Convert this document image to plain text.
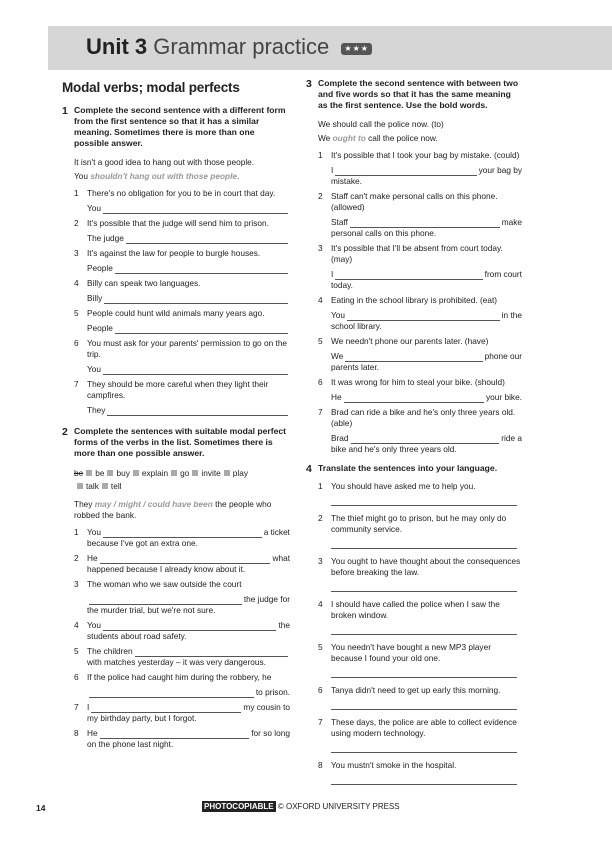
Unit 3 Grammar practice ★★★
Modal verbs; modal perfects
1 Complete the second sentence with a different form from the first sentence so that it has a similar meaning. Sometimes there is more than one possible answer.
It isn't a good idea to hang out with those people.
You shouldn't hang out with those people.
1	There's no obligation for you to be in court that day.
You
2	It's possible that the judge will send him to prison.
The judge
3	It's against the law for people to burgle houses.
People
4	Billy can speak two languages.
Billy
5	People could hunt wild animals many years ago.
People
6	You must ask for your parents' permission to go on the trip.
You
7	They should be more careful when they light their campfires.
They
2 Complete the sentences with suitable modal perfect forms of the verbs in the list. Sometimes there is more than one possible answer.
be be buy explain go invite playtalk tell
They may / might / could have been the people who robbed the bank.
1	You	a ticket
because I've got an extra one.
2	He	what
happened because I already know about it.
3	The woman who we saw outside the court
the judge for
the murder trial, but we're not sure.
4	You	the
students about road safety.
5	The children
with matches yesterday – it was very dangerous.
6	If the police had caught him during the robbery, he
to prison.
7	I	my cousin to
my birthday party, but I forgot.
8	He	for so long
on the phone last night.
3 Complete the second sentence with between two and five words so that it has the same meaning as the first sentence. Use the bold words.
We should call the police now. (to)
We ought to call the police now.
1	It's possible that I took your bag by mistake. (could)
I	your bag by
mistake.
2	Staff can't make personal calls on this phone. (allowed)
Staff	make
personal calls on this phone.
3	It's possible that I'll be absent from court today. (may)
I	from court
today.
4	Eating in the school library is prohibited. (eat)
You	in the
school library.
5	We needn't phone our parents later. (have)
We	phone our
parents later.
6	It was wrong for him to steal your bike. (should)
He	your bike.
7	Brad can ride a bike and he's only three years old. (able)
Brad	ride a
bike and he's only three years old.
4 Translate the sentences into your language.
1	You should have asked me to help you.
2	The thief might go to prison, but he may only do community service.
3	You ought to have thought about the consequences before breaking the law.
4	I should have called the police when I saw the broken window.
5	You needn't have bought a new MP3 player because I found your old one.
6	Tanya didn't need to get up early this morning.
7	These days, the police are able to collect evidence using modern technology.
8	You mustn't smoke in the hospital.
14	PHOTOCOPIABLE © OXFORD UNIVERSITY PRESS
